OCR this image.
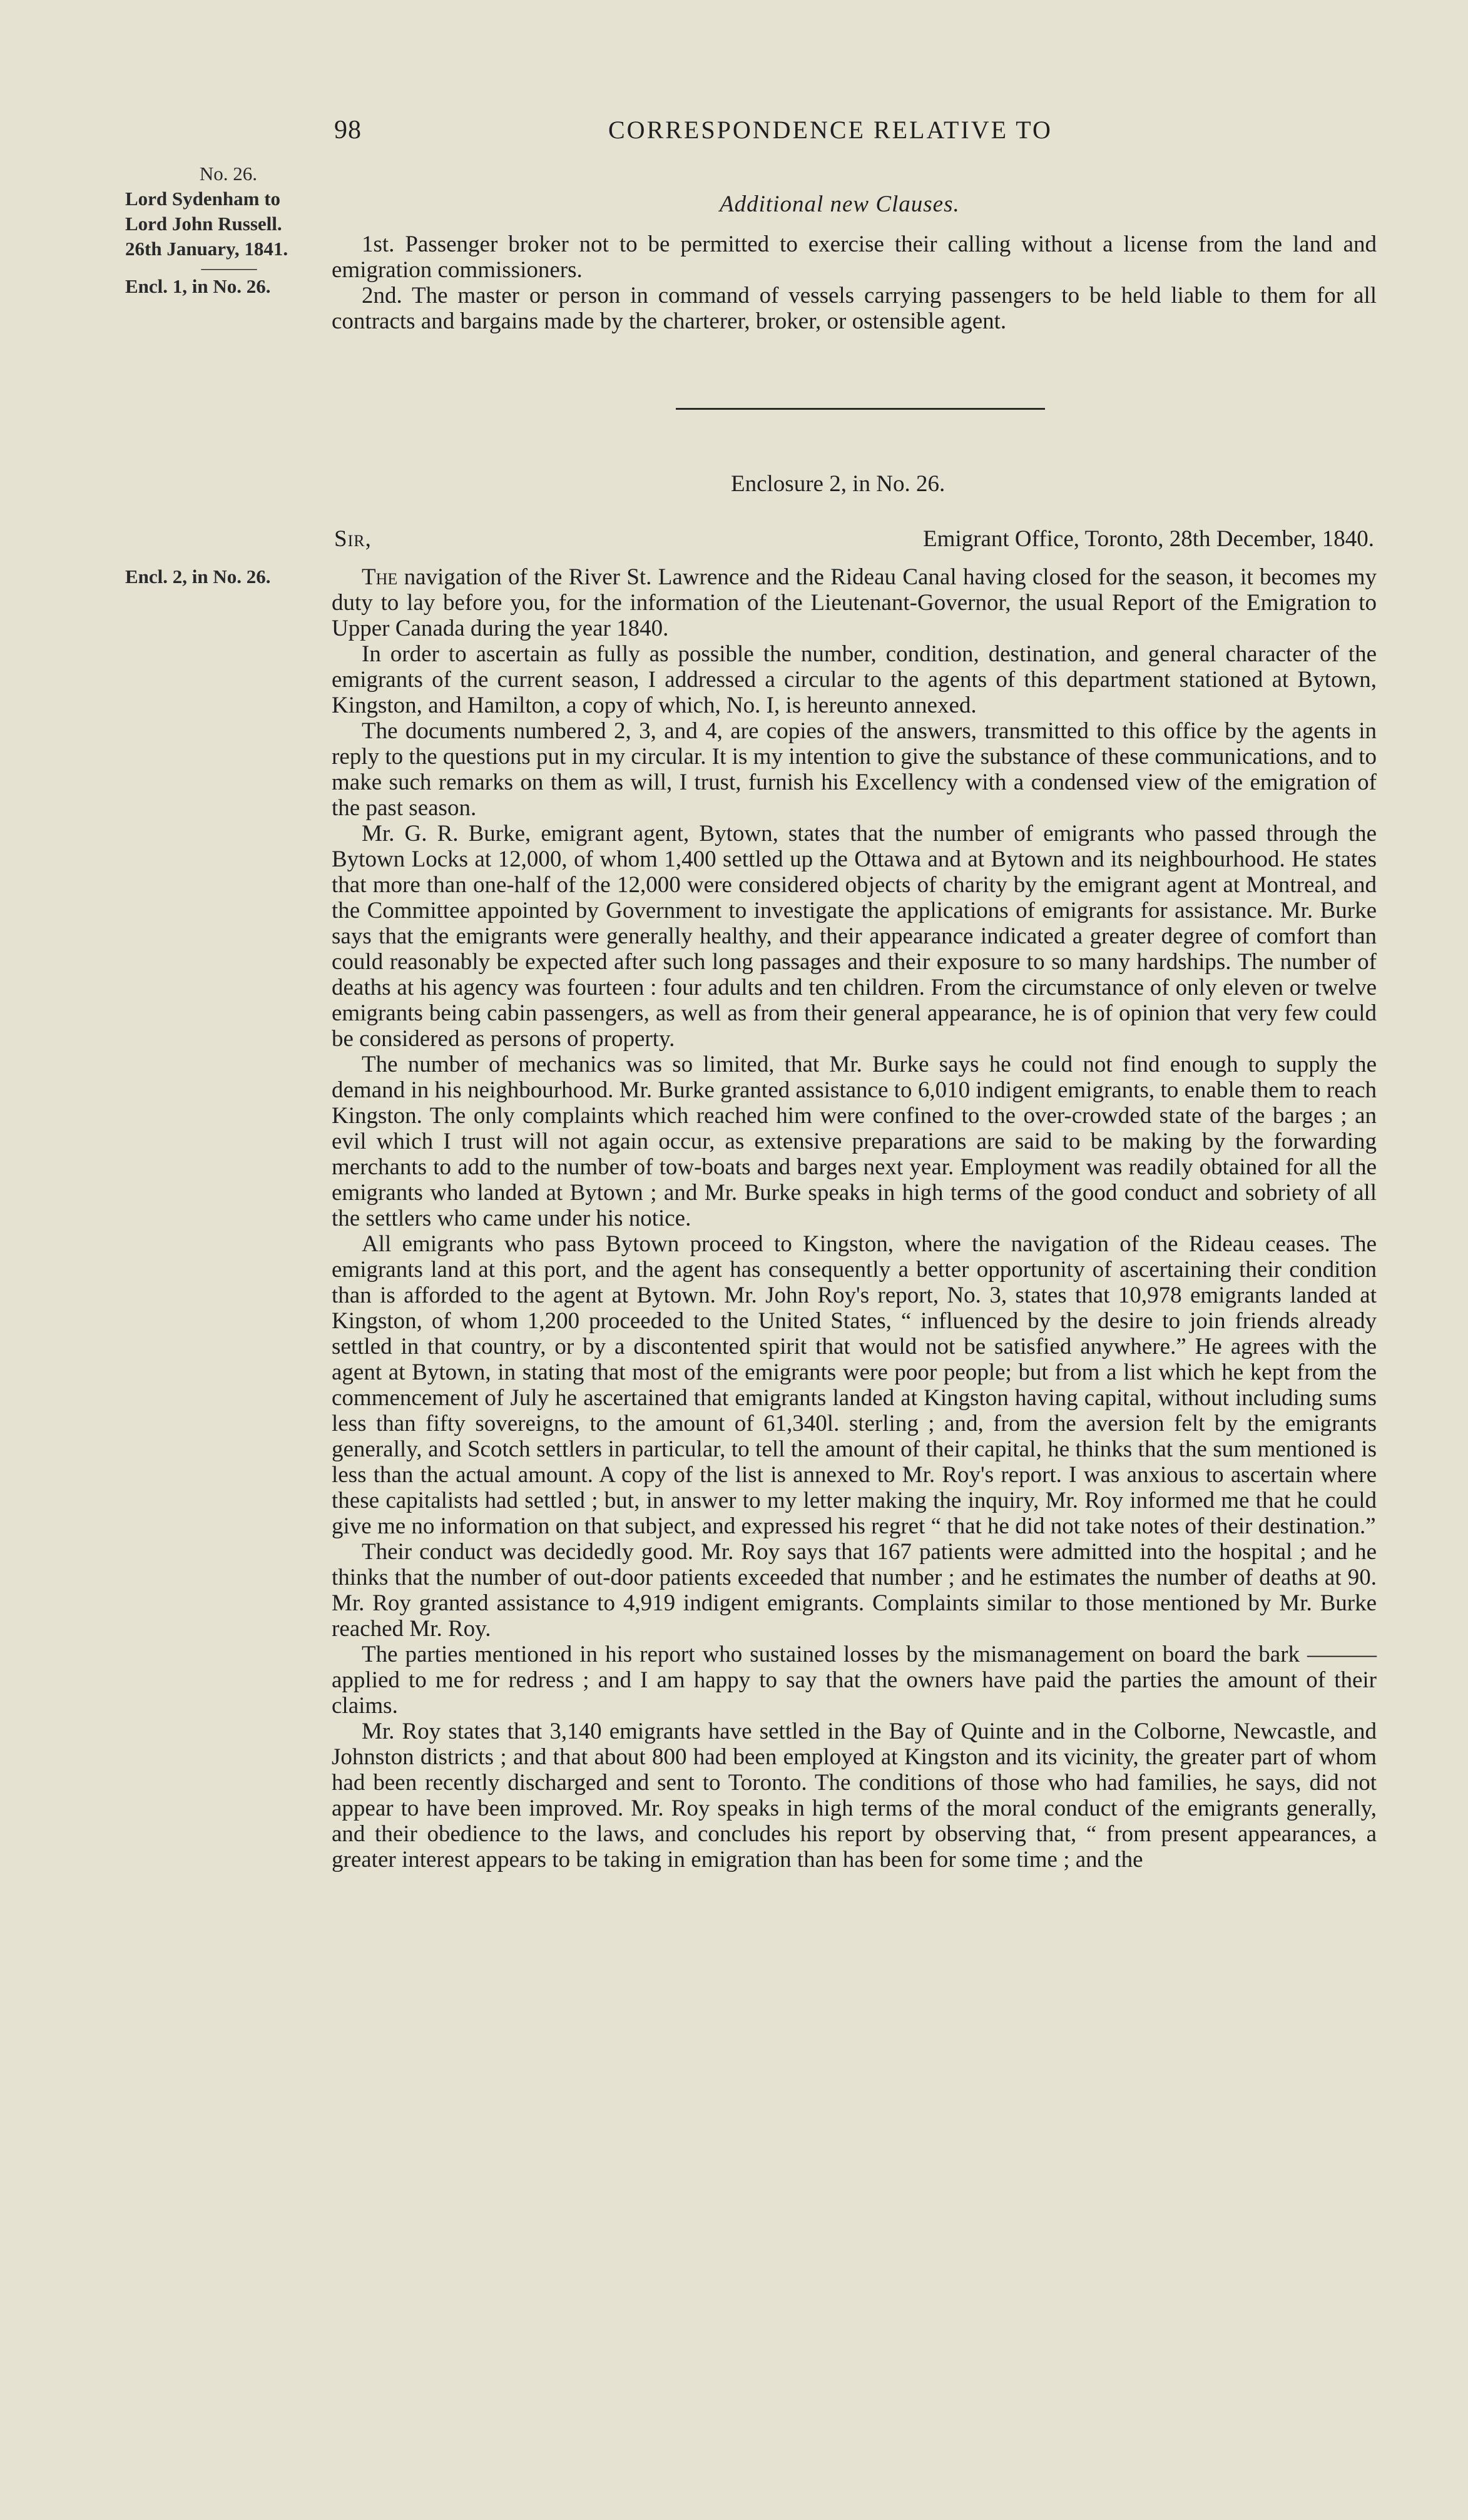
98	CORRESPONDENCE RELATIVE TO
No. 26.
Lord Sydenham to
Lord John Russell.
26th January, 1841.
———
Encl. 1, in No. 26.
Encl. 2, in No. 26.
Additional new Clauses.

1st. Passenger broker not to be permitted to exercise their calling without a license from the land and emigration commissioners.

2nd. The master or person in command of vessels carrying passengers to be held liable to them for all contracts and bargains made by the charterer, broker, or ostensible agent.

Enclosure 2, in No. 26.
Sir,	Emigrant Office, Toronto, 28th December, 1840.

The navigation of the River St. Lawrence and the Rideau Canal having closed for the season, it becomes my duty to lay before you, for the information of the Lieutenant-Governor, the usual Report of the Emigration to Upper Canada during the year 1840.

In order to ascertain as fully as possible the number, condition, destination, and general character of the emigrants of the current season, I addressed a circular to the agents of this department stationed at Bytown, Kingston, and Hamilton, a copy of which, No. I, is hereunto annexed.

The documents numbered 2, 3, and 4, are copies of the answers, transmitted to this office by the agents in reply to the questions put in my circular. It is my intention to give the substance of these communications, and to make such remarks on them as will, I trust, furnish his Excellency with a condensed view of the emigration of the past season.

Mr. G. R. Burke, emigrant agent, Bytown, states that the number of emigrants who passed through the Bytown Locks at 12,000, of whom 1,400 settled up the Ottawa and at Bytown and its neighbourhood. He states that more than one-half of the 12,000 were considered objects of charity by the emigrant agent at Montreal, and the Committee appointed by Government to investigate the applications of emigrants for assistance. Mr. Burke says that the emigrants were generally healthy, and their appearance indicated a greater degree of comfort than could reasonably be expected after such long passages and their exposure to so many hardships. The number of deaths at his agency was fourteen : four adults and ten children. From the circumstance of only eleven or twelve emigrants being cabin passengers, as well as from their general appearance, he is of opinion that very few could be considered as persons of property.

The number of mechanics was so limited, that Mr. Burke says he could not find enough to supply the demand in his neighbourhood. Mr. Burke granted assistance to 6,010 indigent emigrants, to enable them to reach Kingston. The only complaints which reached him were confined to the over-crowded state of the barges ; an evil which I trust will not again occur, as extensive preparations are said to be making by the forwarding merchants to add to the number of tow-boats and barges next year. Employment was readily obtained for all the emigrants who landed at Bytown ; and Mr. Burke speaks in high terms of the good conduct and sobriety of all the settlers who came under his notice.

All emigrants who pass Bytown proceed to Kingston, where the navigation of the Rideau ceases. The emigrants land at this port, and the agent has consequently a better opportunity of ascertaining their condition than is afforded to the agent at Bytown. Mr. John Roy's report, No. 3, states that 10,978 emigrants landed at Kingston, of whom 1,200 proceeded to the United States, “ influenced by the desire to join friends already settled in that country, or by a discontented spirit that would not be satisfied anywhere.” He agrees with the agent at Bytown, in stating that most of the emigrants were poor people; but from a list which he kept from the commencement of July he ascertained that emigrants landed at Kingston having capital, without including sums less than fifty sovereigns, to the amount of 61,340l. sterling ; and, from the aversion felt by the emigrants generally, and Scotch settlers in particular, to tell the amount of their capital, he thinks that the sum mentioned is less than the actual amount. A copy of the list is annexed to Mr. Roy's report. I was anxious to ascertain where these capitalists had settled ; but, in answer to my letter making the inquiry, Mr. Roy informed me that he could give me no information on that subject, and expressed his regret “ that he did not take notes of their destination.”

Their conduct was decidedly good. Mr. Roy says that 167 patients were admitted into the hospital ; and he thinks that the number of out-door patients exceeded that number ; and he estimates the number of deaths at 90. Mr. Roy granted assistance to 4,919 indigent emigrants. Complaints similar to those mentioned by Mr. Burke reached Mr. Roy.

The parties mentioned in his report who sustained losses by the mismanagement on board the bark ——— applied to me for redress ; and I am happy to say that the owners have paid the parties the amount of their claims.

Mr. Roy states that 3,140 emigrants have settled in the Bay of Quinte and in the Colborne, Newcastle, and Johnston districts ; and that about 800 had been employed at Kingston and its vicinity, the greater part of whom had been recently discharged and sent to Toronto. The conditions of those who had families, he says, did not appear to have been improved. Mr. Roy speaks in high terms of the moral conduct of the emigrants generally, and their obedience to the laws, and concludes his report by observing that, “ from present appearances, a greater interest appears to be taking in emigration than has been for some time ; and the
